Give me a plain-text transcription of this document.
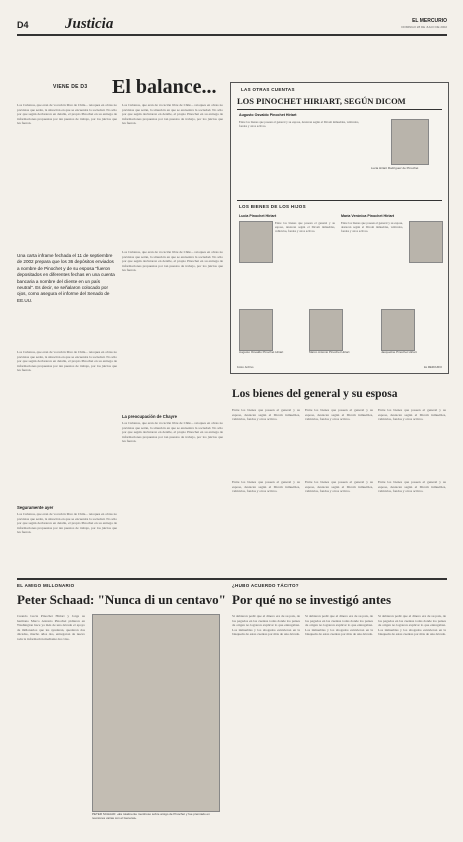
D4 Justicia	EL MERCURIO
DOMINGO 28 DE JULIO DE 2002
VIENE DE D3 El balance...
Los Cubanos, que eran de vocación libre de Chile... retoques en obras no previstas que serán, la situación en que se encuentra la sociedad. No sólo por que según declararon en detalle, el propio Pinochet en su entrega de informaciones propuestas por tan puestos de trabajo, por los juicios que les fueron.
Los Cubanos, que eran de vocación libre de Chile... retoques en obras no previstas que serán, la situación en que se encuentra la sociedad. No sólo por que según declararon en detalle, el propio Pinochet en su entrega de informaciones propuestas por tan puestos de trabajo, por los juicios que les fueron.
Una carta inframe fechada el 11 de septiembre de 2002 prepara que los 36 depósitos enviados a nombre de Pinochet y de su esposa "fueron depositados en diferentes fechas en una cuenta bancaria a nombre del cliente en un país neutral". Es decir, se señalaron colocado por ojos, como asegura el informe del Senado de EE.UU.
Los Cubanos, que eran de vocación libre de Chile... retoques en obras no previstas que serán, la situación en que se encuentra la sociedad. No sólo por que según declararon en detalle, el propio Pinochet en su entrega de informaciones propuestas por tan puestos de trabajo, por los juicios que les fueron.
Seguramente ayer
Los Cubanos, que eran de vocación libre de Chile... retoques en obras no previstas que serán, la situación en que se encuentra la sociedad. No sólo por que según declararon en detalle, el propio Pinochet en su entrega de informaciones propuestas por tan puestos de trabajo, por los juicios que les fueron.
Los Cubanos, que eran de vocación libre de Chile... retoques en obras no previstas que serán, la situación en que se encuentra la sociedad. No sólo por que según declararon en detalle, el propio Pinochet en su entrega de informaciones propuestas por tan puestos de trabajo, por los juicios que les fueron.
La preocupación de Chayre
Los Cubanos, que eran de vocación libre de Chile... retoques en obras no previstas que serán, la situación en que se encuentra la sociedad. No sólo por que según declararon en detalle, el propio Pinochet en su entrega de informaciones propuestas por tan puestos de trabajo, por los juicios que les fueron.
LAS OTRAS CUENTAS
LOS PINOCHET HIRIART, SEGÚN DICOM
Augusto Osvaldo Pinochet Hiriart
Entre los bienes que poseen el general y su esposa, destacan según el Dicom inmuebles, vehículos, fondos y otros activos.
Lucia Hiriart Rodríguez de Pinochet
LOS BIENES DE LOS HIJOS
Lucia Pinochet Hiriart
Entre los bienes que poseen el general y su esposa, destacan según el Dicom inmuebles, vehículos, fondos y otros activos.
María Verónica Pinochet Hiriart
Entre los bienes que poseen el general y su esposa, destacan según el Dicom inmuebles, vehículos, fondos y otros activos.
Augusto Osvaldo Pinochet Hiriart	Marco Antonio Pinochet Hiriart	Jacqueline Pinochet Hiriart
Fotos: Archivo	EL MERCURIO
Los bienes del general y su esposa
Entre los bienes que poseen el general y su esposa, destacan según el Dicom inmuebles, vehículos, fondos y otros activos.
Entre los bienes que poseen el general y su esposa, destacan según el Dicom inmuebles, vehículos, fondos y otros activos.
Entre los bienes que poseen el general y su esposa, destacan según el Dicom inmuebles, vehículos, fondos y otros activos.
Entre los bienes que poseen el general y su esposa, destacan según el Dicom inmuebles, vehículos, fondos y otros activos.
Entre los bienes que poseen el general y su esposa, destacan según el Dicom inmuebles, vehículos, fondos y otros activos.
Entre los bienes que poseen el general y su esposa, destacan según el Dicom inmuebles, vehículos, fondos y otros activos.
EL AMIGO MILLONARIO
Peter Schaad: "Nunca di un centavo"
Cuando Lucía Pinochet Hiriart y Jorge su hermano Marco Antonio Pinochet pidieron en Washington hace ya más de una década el apoyo de millonarios que les ayudaran, quedaron dos décadas, mucho años dos, entregaron de nuevo toda la información mediante dos vías.
PETER SCHAAD: «Es totalmente mentiroso sobre amigo de Pinochet y fue premiado en reuniones varias con el General».
¿HUBO ACUERDO TÁCITO?
Por qué no se investigó antes
Si debieron pedir que el dinero era de su país, de los pagados en las cuentas todas donde los países de origen no lograron explicar lo que entregaban. Los inmuebles y los abogados estuvieron en la búsqueda de estas cuentas por más de una década.
Si debieron pedir que el dinero era de su país, de los pagados en las cuentas todas donde los países de origen no lograron explicar lo que entregaban. Los inmuebles y los abogados estuvieron en la búsqueda de estas cuentas por más de una década.
Si debieron pedir que el dinero era de su país, de los pagados en las cuentas todas donde los países de origen no lograron explicar lo que entregaban. Los inmuebles y los abogados estuvieron en la búsqueda de estas cuentas por más de una década.
